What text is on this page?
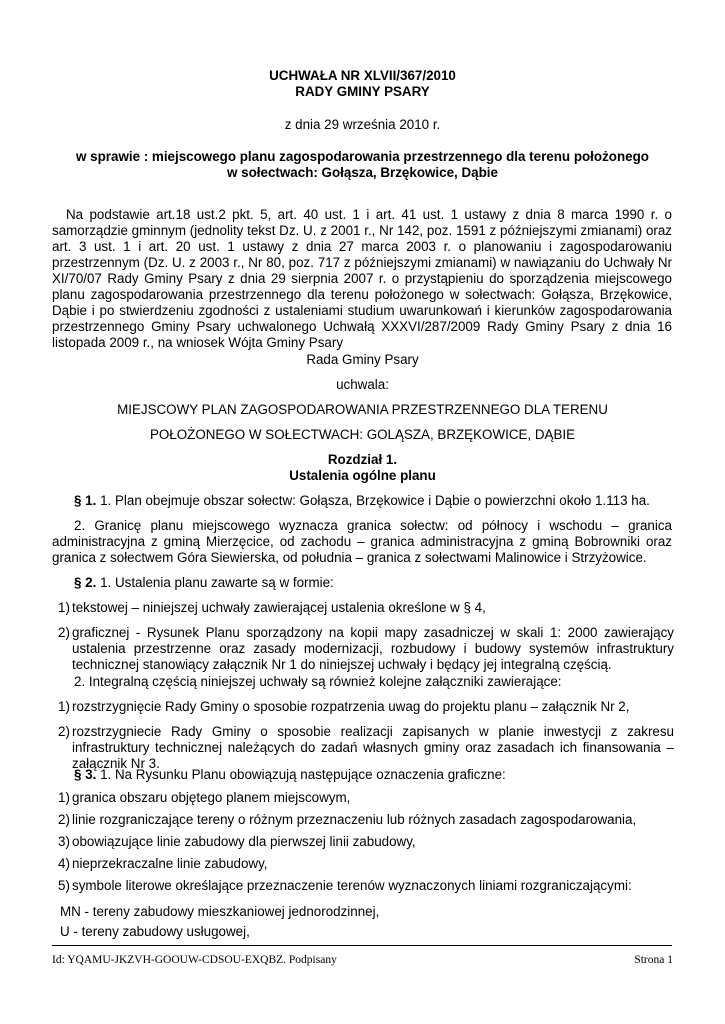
UCHWAŁA NR XLVII/367/2010
RADY GMINY PSARY
z dnia 29 września 2010 r.
w sprawie : miejscowego planu zagospodarowania przestrzennego dla terenu położonego
w sołectwach: Gołąsza, Brzękowice, Dąbie
Na podstawie art.18 ust.2 pkt. 5, art. 40 ust. 1 i art. 41 ust. 1 ustawy z dnia 8 marca 1990 r. o samorządzie gminnym (jednolity tekst Dz. U. z 2001 r., Nr 142, poz. 1591 z późniejszymi zmianami) oraz art. 3 ust. 1 i art. 20 ust. 1 ustawy z dnia 27 marca 2003 r. o planowaniu i zagospodarowaniu przestrzennym (Dz. U. z 2003 r., Nr 80, poz. 717 z późniejszymi zmianami) w nawiązaniu do Uchwały Nr XI/70/07 Rady Gminy Psary z dnia 29 sierpnia 2007 r. o przystąpieniu do sporządzenia miejscowego planu zagospodarowania przestrzennego dla terenu położonego w sołectwach: Gołąsza, Brzękowice, Dąbie i po stwierdzeniu zgodności z ustaleniami studium uwarunkowań i kierunków zagospodarowania przestrzennego Gminy Psary uchwalonego Uchwałą XXXVI/287/2009 Rady Gminy Psary z dnia 16 listopada 2009 r., na wniosek Wójta Gminy Psary
Rada Gminy Psary
uchwala:
MIEJSCOWY PLAN ZAGOSPODAROWANIA PRZESTRZENNEGO DLA TERENU
POŁOŻONEGO W SOŁECTWACH: GOLĄSZA, BRZĘKOWICE, DĄBIE
Rozdział 1.
Ustalenia ogólne planu
§ 1. 1. Plan obejmuje obszar sołectw: Gołąsza, Brzękowice i Dąbie o powierzchni około 1.113 ha.
2. Granicę planu miejscowego wyznacza granica sołectw: od północy i wschodu – granica administracyjna z gminą Mierzęcice, od zachodu – granica administracyjna z gminą Bobrowniki oraz granica z sołectwem Góra Siewierska, od południa – granica z sołectwami Malinowice i Strzyżowice.
§ 2. 1. Ustalenia planu zawarte są w formie:
1) tekstowej – niniejszej uchwały zawierającej ustalenia określone w § 4,
2) graficznej - Rysunek Planu sporządzony na kopii mapy zasadniczej w skali 1: 2000 zawierający ustalenia przestrzenne oraz zasady modernizacji, rozbudowy i budowy systemów infrastruktury technicznej stanowiący załącznik Nr 1 do niniejszej uchwały i będący jej integralną częścią.
2. Integralną częścią niniejszej uchwały są również kolejne załączniki zawierające:
1) rozstrzygnięcie Rady Gminy o sposobie rozpatrzenia uwag do projektu planu – załącznik Nr 2,
2) rozstrzygniecie Rady Gminy o sposobie realizacji zapisanych w planie inwestycji z zakresu infrastruktury technicznej należących do zadań własnych gminy oraz zasadach ich finansowania – załącznik Nr 3.
§ 3. 1. Na Rysunku Planu obowiązują następujące oznaczenia graficzne:
1) granica obszaru objętego planem miejscowym,
2) linie rozgraniczające tereny o różnym przeznaczeniu lub różnych zasadach zagospodarowania,
3) obowiązujące linie zabudowy dla pierwszej linii zabudowy,
4) nieprzekraczalne linie zabudowy,
5) symbole literowe określające przeznaczenie terenów wyznaczonych liniami rozgraniczającymi:
MN - tereny zabudowy mieszkaniowej jednorodzinnej,
Id: YQAMU-JKZVH-GOOUW-CDSOU-EXQBZ. Podpisany	Strona 1
U - tereny zabudowy usługowej,
